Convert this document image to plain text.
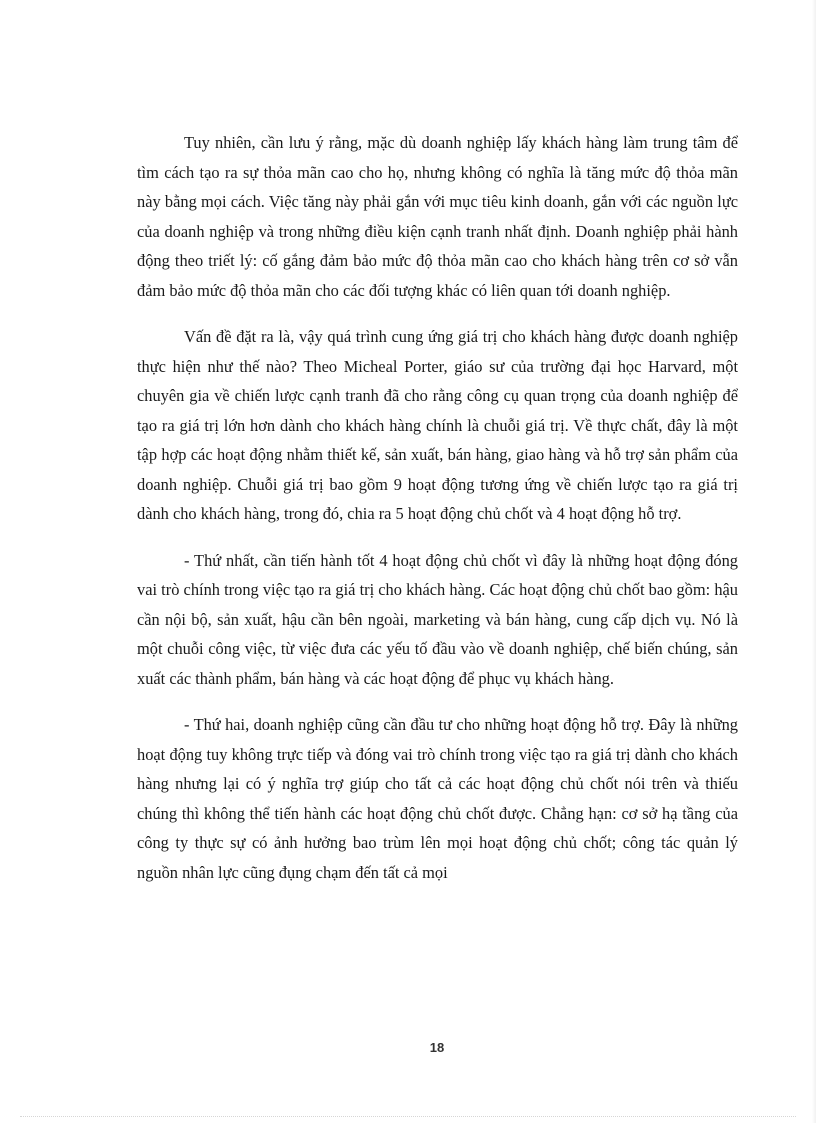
Tuy nhiên, cần lưu ý rằng, mặc dù doanh nghiệp lấy khách hàng làm trung tâm để tìm cách tạo ra sự thỏa mãn cao cho họ, nhưng không có nghĩa là tăng mức độ thỏa mãn này bằng mọi cách. Việc tăng này phải gắn với mục tiêu kinh doanh, gắn với các nguồn lực của doanh nghiệp và trong những điều kiện cạnh tranh nhất định. Doanh nghiệp phải hành động theo triết lý: cố gắng đảm bảo mức độ thỏa mãn cao cho khách hàng trên cơ sở vẫn đảm bảo mức độ thỏa mãn cho các đối tượng khác có liên quan tới doanh nghiệp.

Vấn đề đặt ra là, vậy quá trình cung ứng giá trị cho khách hàng được doanh nghiệp thực hiện như thế nào? Theo Micheal Porter, giáo sư của trường đại học Harvard, một chuyên gia về chiến lược cạnh tranh đã cho rằng công cụ quan trọng của doanh nghiệp để tạo ra giá trị lớn hơn dành cho khách hàng chính là chuỗi giá trị. Về thực chất, đây là một tập hợp các hoạt động nhằm thiết kế, sản xuất, bán hàng, giao hàng và hỗ trợ sản phẩm của doanh nghiệp. Chuỗi giá trị bao gồm 9 hoạt động tương ứng về chiến lược tạo ra giá trị dành cho khách hàng, trong đó, chia ra 5 hoạt động chủ chốt và 4 hoạt động hỗ trợ.

- Thứ nhất, cần tiến hành tốt 4 hoạt động chủ chốt vì đây là những hoạt động đóng vai trò chính trong việc tạo ra giá trị cho khách hàng. Các hoạt động chủ chốt bao gồm: hậu cần nội bộ, sản xuất, hậu cần bên ngoài, marketing và bán hàng, cung cấp dịch vụ. Nó là một chuỗi công việc, từ việc đưa các yếu tố đầu vào về doanh nghiệp, chế biến chúng, sản xuất các thành phẩm, bán hàng và các hoạt động để phục vụ khách hàng.

- Thứ hai, doanh nghiệp cũng cần đầu tư cho những hoạt động hỗ trợ. Đây là những hoạt động tuy không trực tiếp và đóng vai trò chính trong việc tạo ra giá trị dành cho khách hàng nhưng lại có ý nghĩa trợ giúp cho tất cả các hoạt động chủ chốt nói trên và thiếu chúng thì không thể tiến hành các hoạt động chủ chốt được. Chẳng hạn: cơ sở hạ tầng của công ty thực sự có ảnh hưởng bao trùm lên mọi hoạt động chủ chốt; công tác quản lý nguồn nhân lực cũng đụng chạm đến tất cả mọi

18
